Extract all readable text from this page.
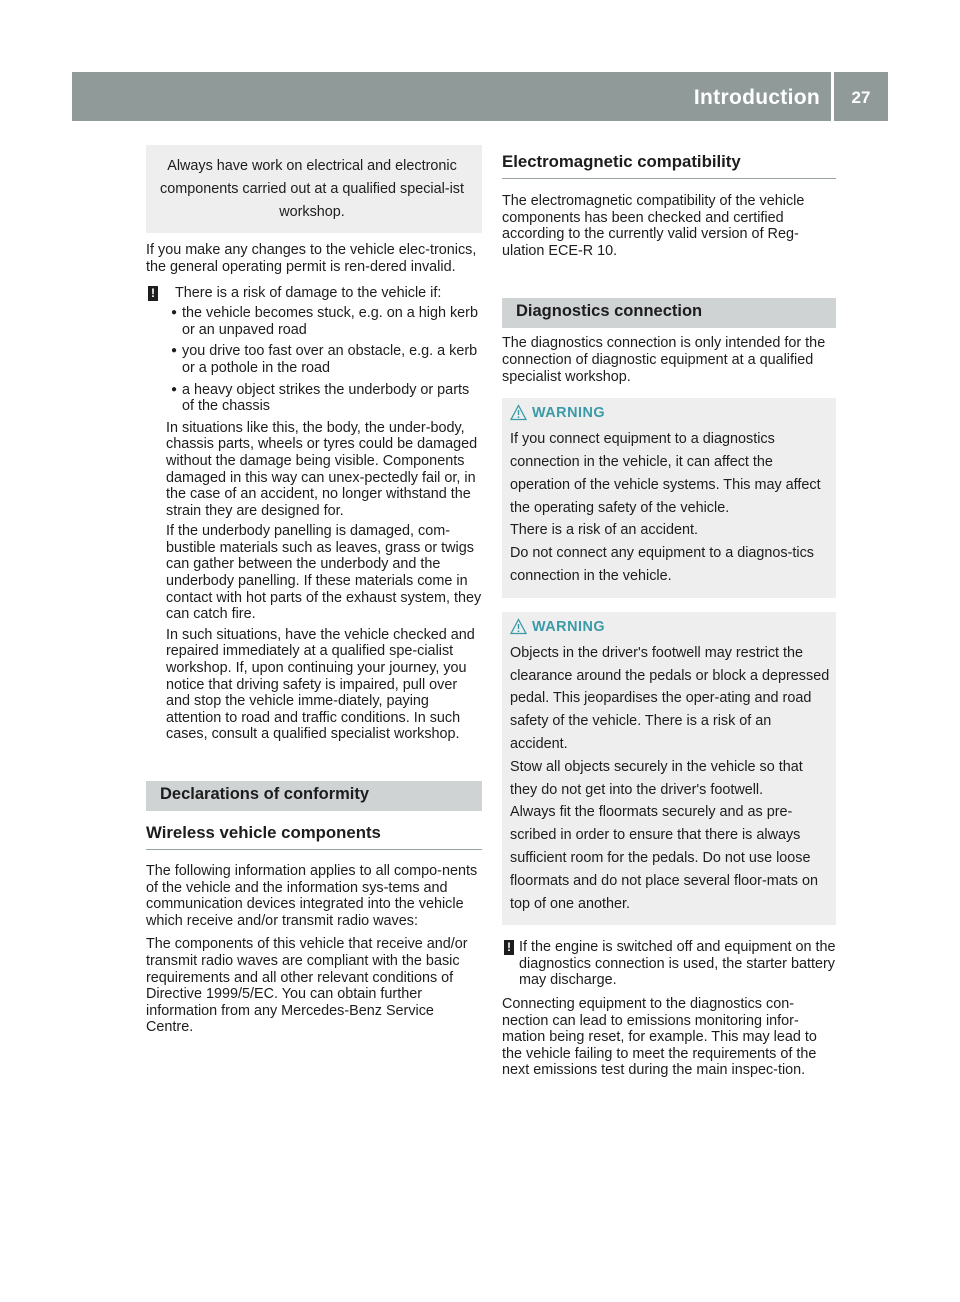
Introduction	27

Always have work on electrical and electronic components carried out at a qualified special-ist workshop.

If you make any changes to the vehicle elec-tronics, the general operating permit is ren-dered invalid.

! There is a risk of damage to the vehicle if:

● the vehicle becomes stuck, e.g. on a high kerb or an unpaved road
● you drive too fast over an obstacle, e.g. a kerb or a pothole in the road
● a heavy object strikes the underbody or parts of the chassis

In situations like this, the body, the under-body, chassis parts, wheels or tyres could be damaged without the damage being visible. Components damaged in this way can unex-pectedly fail or, in the case of an accident, no longer withstand the strain they are designed for.

If the underbody panelling is damaged, com-bustible materials such as leaves, grass or twigs can gather between the underbody and the underbody panelling. If these materials come in contact with hot parts of the exhaust system, they can catch fire.

In such situations, have the vehicle checked and repaired immediately at a qualified spe-cialist workshop. If, upon continuing your journey, you notice that driving safety is impaired, pull over and stop the vehicle imme-diately, paying attention to road and traffic conditions. In such cases, consult a qualified specialist workshop.

Declarations of conformity
Wireless vehicle components

The following information applies to all compo-nents of the vehicle and the information sys-tems and communication devices integrated into the vehicle which receive and/or transmit radio waves:

The components of this vehicle that receive and/or transmit radio waves are compliant with the basic requirements and all other relevant conditions of Directive 1999/5/EC. You can obtain further information from any Mercedes-Benz Service Centre.

Electromagnetic compatibility

The electromagnetic compatibility of the vehicle components has been checked and certified according to the currently valid version of Reg-ulation ECE-R 10.

Diagnostics connection

The diagnostics connection is only intended for the connection of diagnostic equipment at a qualified specialist workshop.

WARNING

If you connect equipment to a diagnostics connection in the vehicle, it can affect the operation of the vehicle systems. This may affect the operating safety of the vehicle.

There is a risk of an accident.

Do not connect any equipment to a diagnos-tics connection in the vehicle.

WARNING

Objects in the driver's footwell may restrict the clearance around the pedals or block a depressed pedal. This jeopardises the oper-ating and road safety of the vehicle. There is a risk of an accident.

Stow all objects securely in the vehicle so that they do not get into the driver's footwell.

Always fit the floormats securely and as pre-scribed in order to ensure that there is always sufficient room for the pedals. Do not use loose floormats and do not place several floor-mats on top of one another.

! If the engine is switched off and equipment on the diagnostics connection is used, the starter battery may discharge.

Connecting equipment to the diagnostics con-nection can lead to emissions monitoring infor-mation being reset, for example. This may lead to the vehicle failing to meet the requirements of the next emissions test during the main inspec-tion.
